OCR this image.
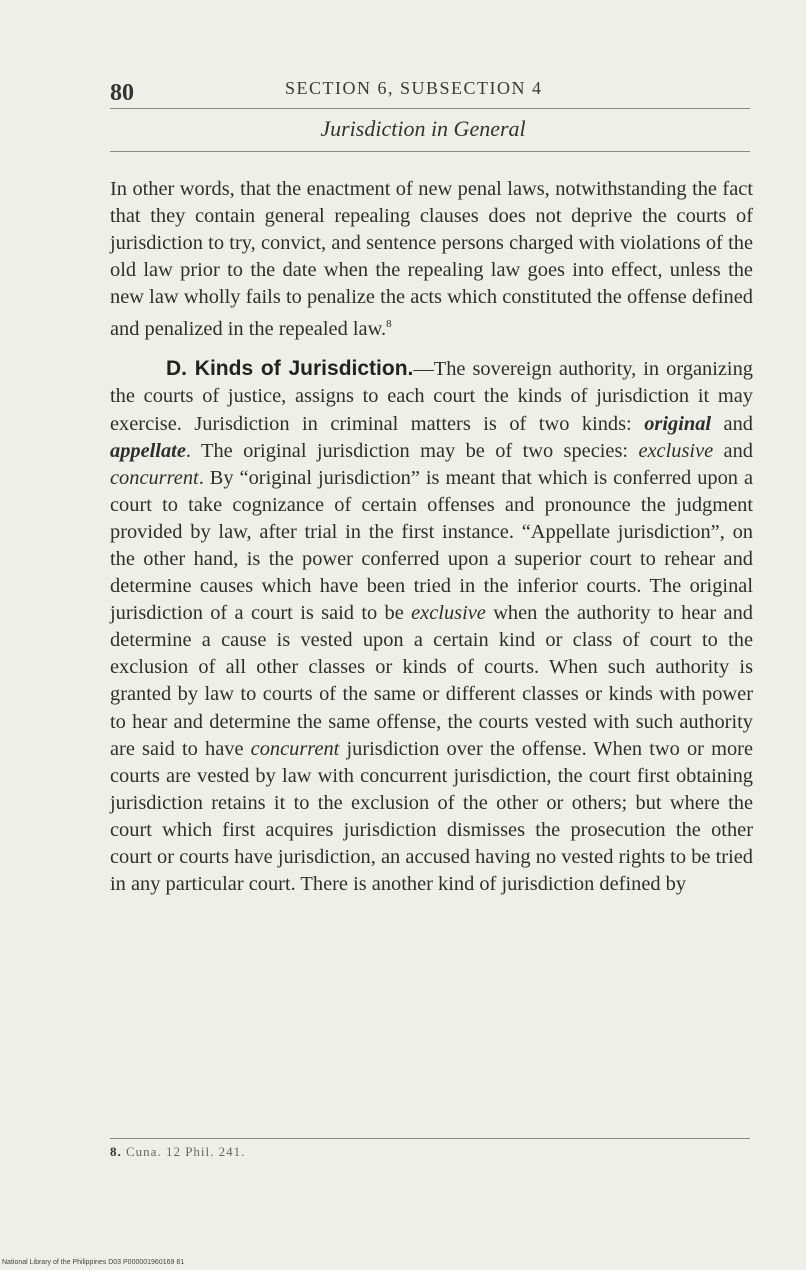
80	SECTION 6, SUBSECTION 4
Jurisdiction in General

In other words, that the enactment of new penal laws, notwithstanding the fact that they contain general repealing clauses does not deprive the courts of jurisdiction to try, convict, and sentence persons charged with violations of the old law prior to the date when the repealing law goes into effect, unless the new law wholly fails to penalize the acts which constituted the offense defined and penalized in the repealed law.$^8$

D. Kinds of Jurisdiction.—The sovereign authority, in organizing the courts of justice, assigns to each court the kinds of jurisdiction it may exercise. Jurisdiction in criminal matters is of two kinds: original and appellate. The original jurisdiction may be of two species: exclusive and concurrent. By “original jurisdiction” is meant that which is conferred upon a court to take cognizance of certain offenses and pronounce the judgment provided by law, after trial in the first instance. “Appellate jurisdiction”, on the other hand, is the power conferred upon a superior court to rehear and determine causes which have been tried in the inferior courts. The original jurisdiction of a court is said to be exclusive when the authority to hear and determine a cause is vested upon a certain kind or class of court to the exclusion of all other classes or kinds of courts. When such authority is granted by law to courts of the same or different classes or kinds with power to hear and determine the same offense, the courts vested with such authority are said to have concurrent jurisdiction over the offense. When two or more courts are vested by law with concurrent jurisdiction, the court first obtaining jurisdiction retains it to the exclusion of the other or others; but where the court which first acquires jurisdiction dismisses the prosecution the other court or courts have jurisdiction, an accused having no vested rights to be tried in any particular court. There is another kind of jurisdiction defined by

8. Cuna. 12 Phil. 241.
National Library of the Philippines D03 P000001960169 81
